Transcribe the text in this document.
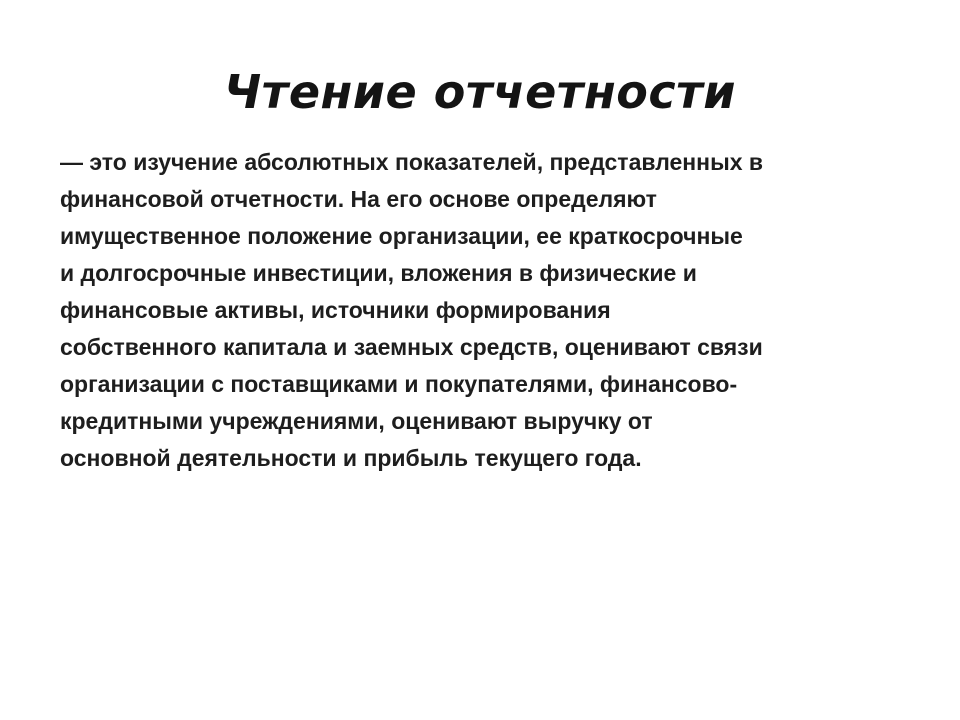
Чтение отчетности
— это изучение абсолютных показателей, представленных в
финансовой отчетности. На его основе определяют
имущественное положение организации, ее краткосрочные
и долгосрочные инвестиции, вложения в физические и
финансовые активы, источники формирования
собственного капитала и заемных средств, оценивают связи
организации с поставщиками и покупателями, финансово-
кредитными учреждениями, оценивают выручку от
основной деятельности и прибыль текущего года.
